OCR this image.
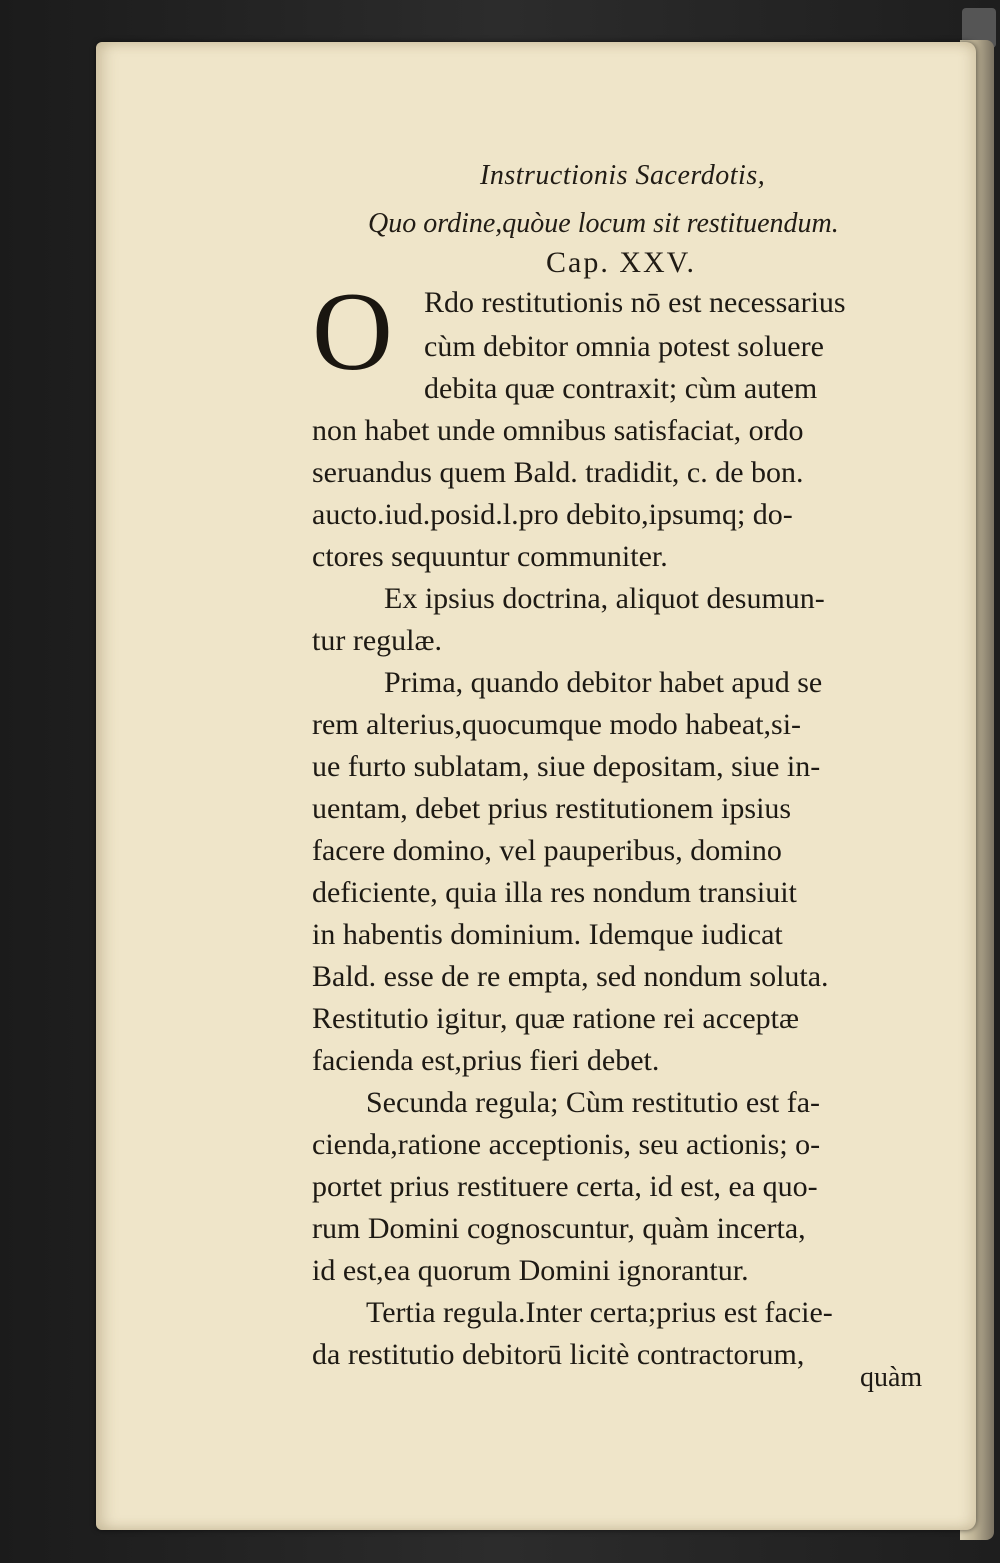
Instructionis Sacerdotis,
Quo ordine,quòue locum sit restituendum.
Cap. XXV.
O Rdo restitutionis nō est necessarius
cùm debitor omnia potest soluere
debita quæ contraxit; cùm autem
non habet unde omnibus satisfaciat, ordo
seruandus quem Bald. tradidit, c. de bon.
aucto.iud.posid.l.pro debito,ipsumq; do-
ctores sequuntur communiter.
Ex ipsius doctrina, aliquot desumun-
tur regulæ.
Prima, quando debitor habet apud se
rem alterius,quocumque modo habeat,si-
ue furto sublatam, siue depositam, siue in-
uentam, debet prius restitutionem ipsius
facere domino, vel pauperibus, domino
deficiente, quia illa res nondum transiuit
in habentis dominium. Idemque iudicat
Bald. esse de re empta, sed nondum soluta.
Restitutio igitur, quæ ratione rei acceptæ
facienda est,prius fieri debet.
Secunda regula; Cùm restitutio est fa-
cienda,ratione acceptionis, seu actionis; o-
portet prius restituere certa, id est, ea quo-
rum Domini cognoscuntur, quàm incerta,
id est,ea quorum Domini ignorantur.
Tertia regula.Inter certa;prius est facie-
da restitutio debitorū licitè contractorum,
quàm
